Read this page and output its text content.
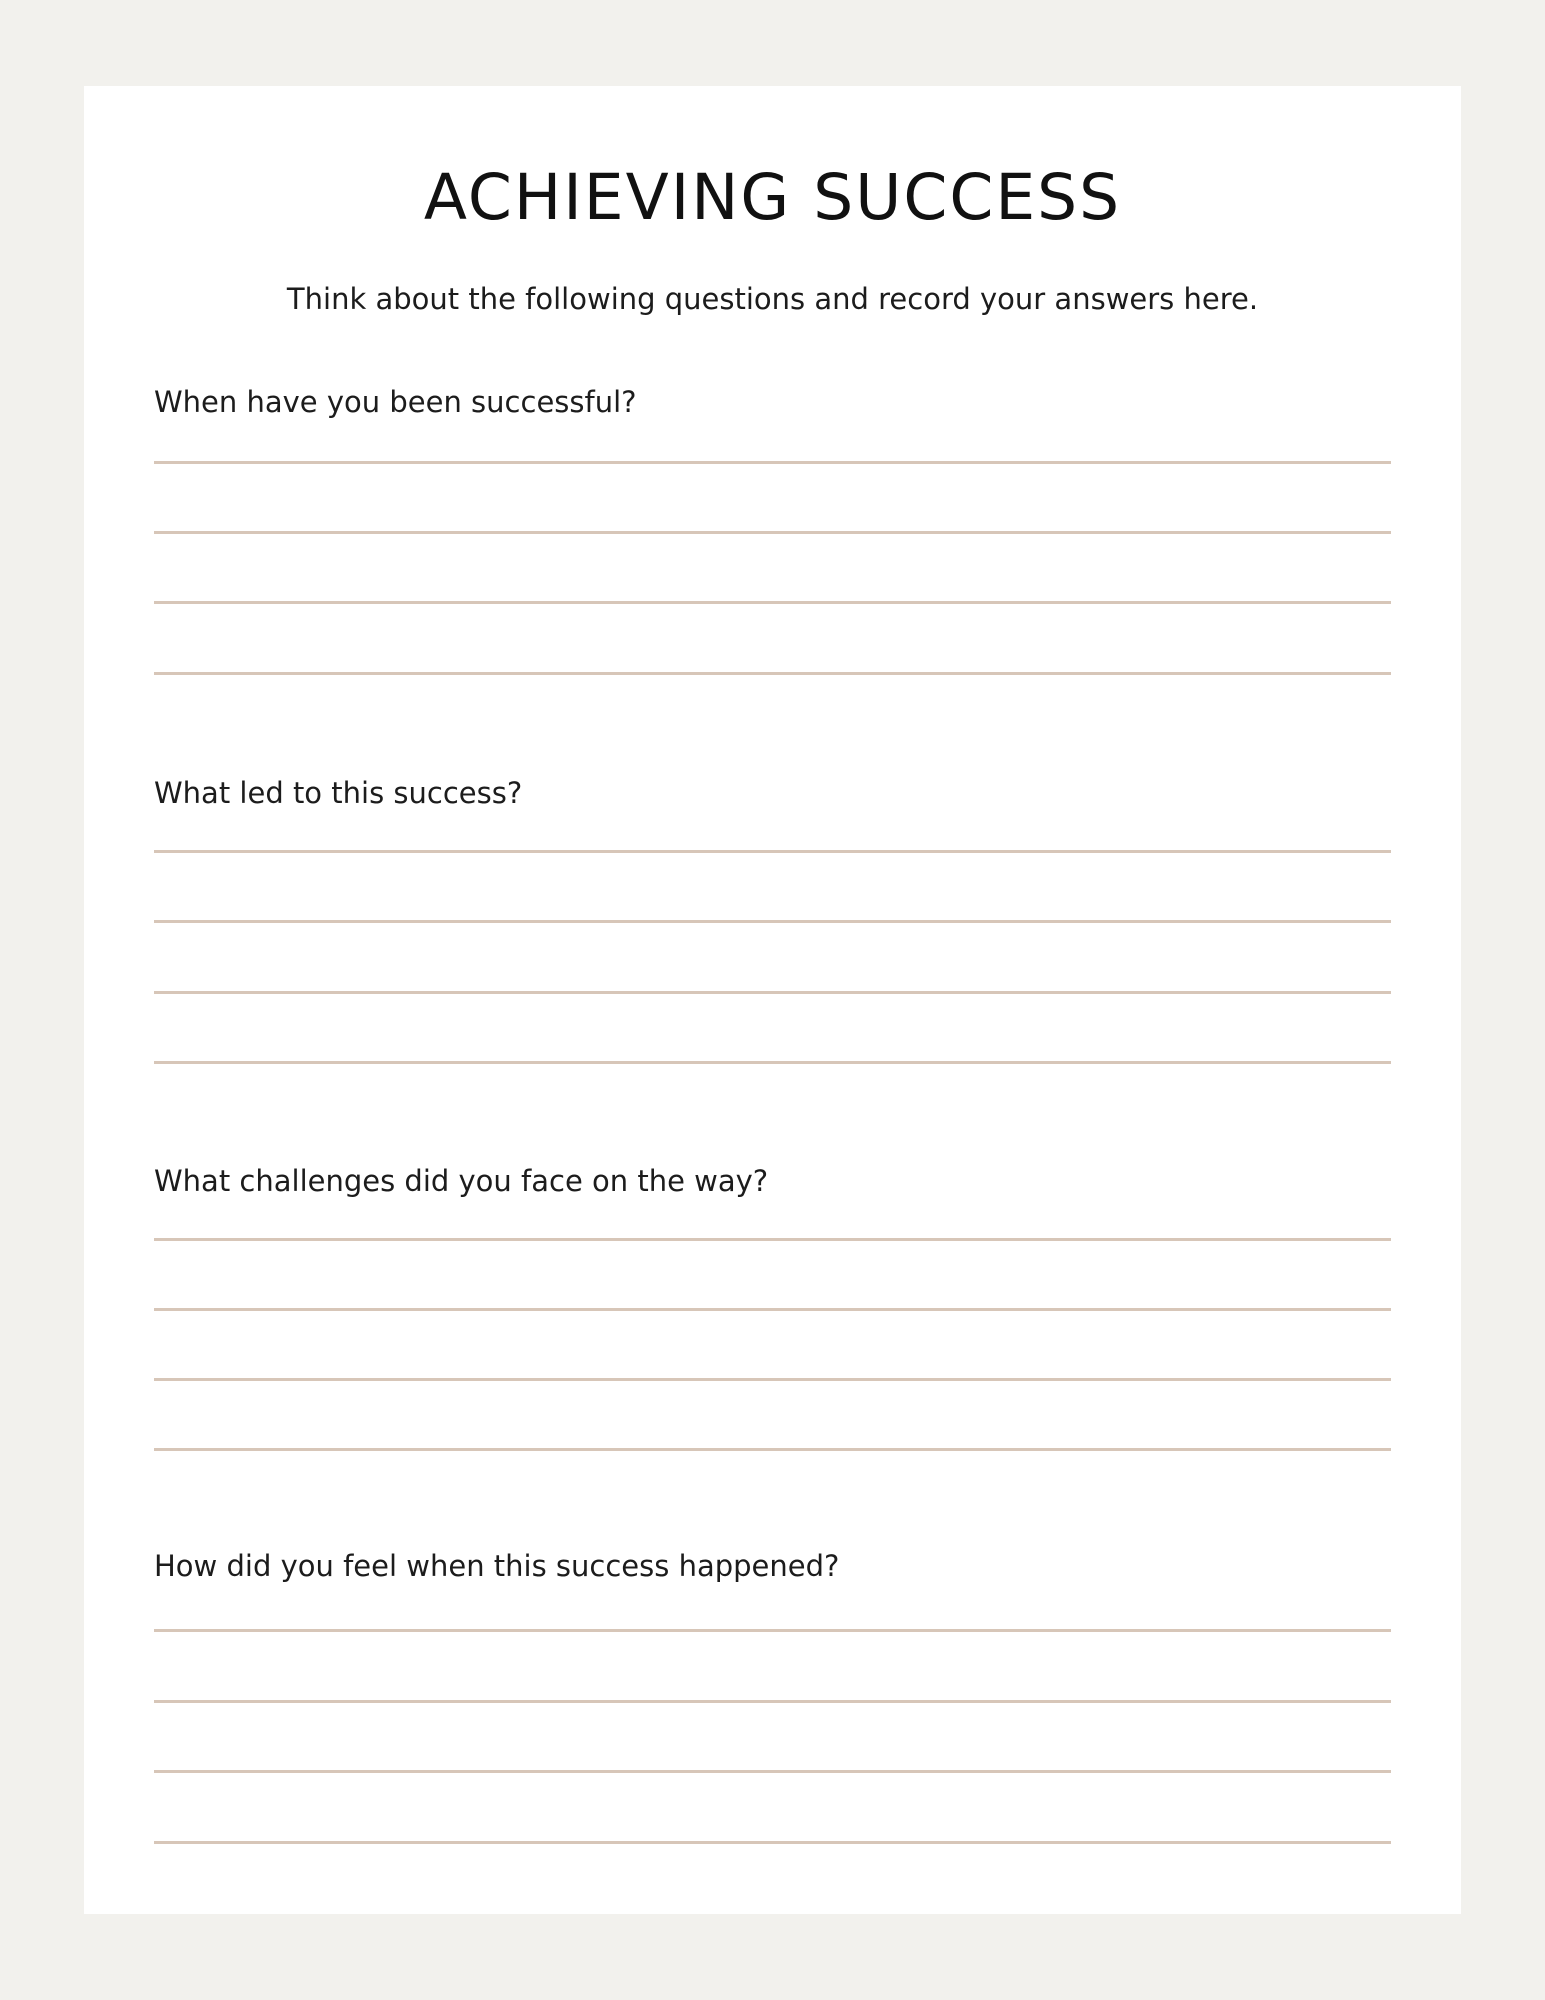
ACHIEVING SUCCESS

Think about the following questions and record your answers here.

When have you been successful?

What led to this success?

What challenges did you face on the way?

How did you feel when this success happened?
